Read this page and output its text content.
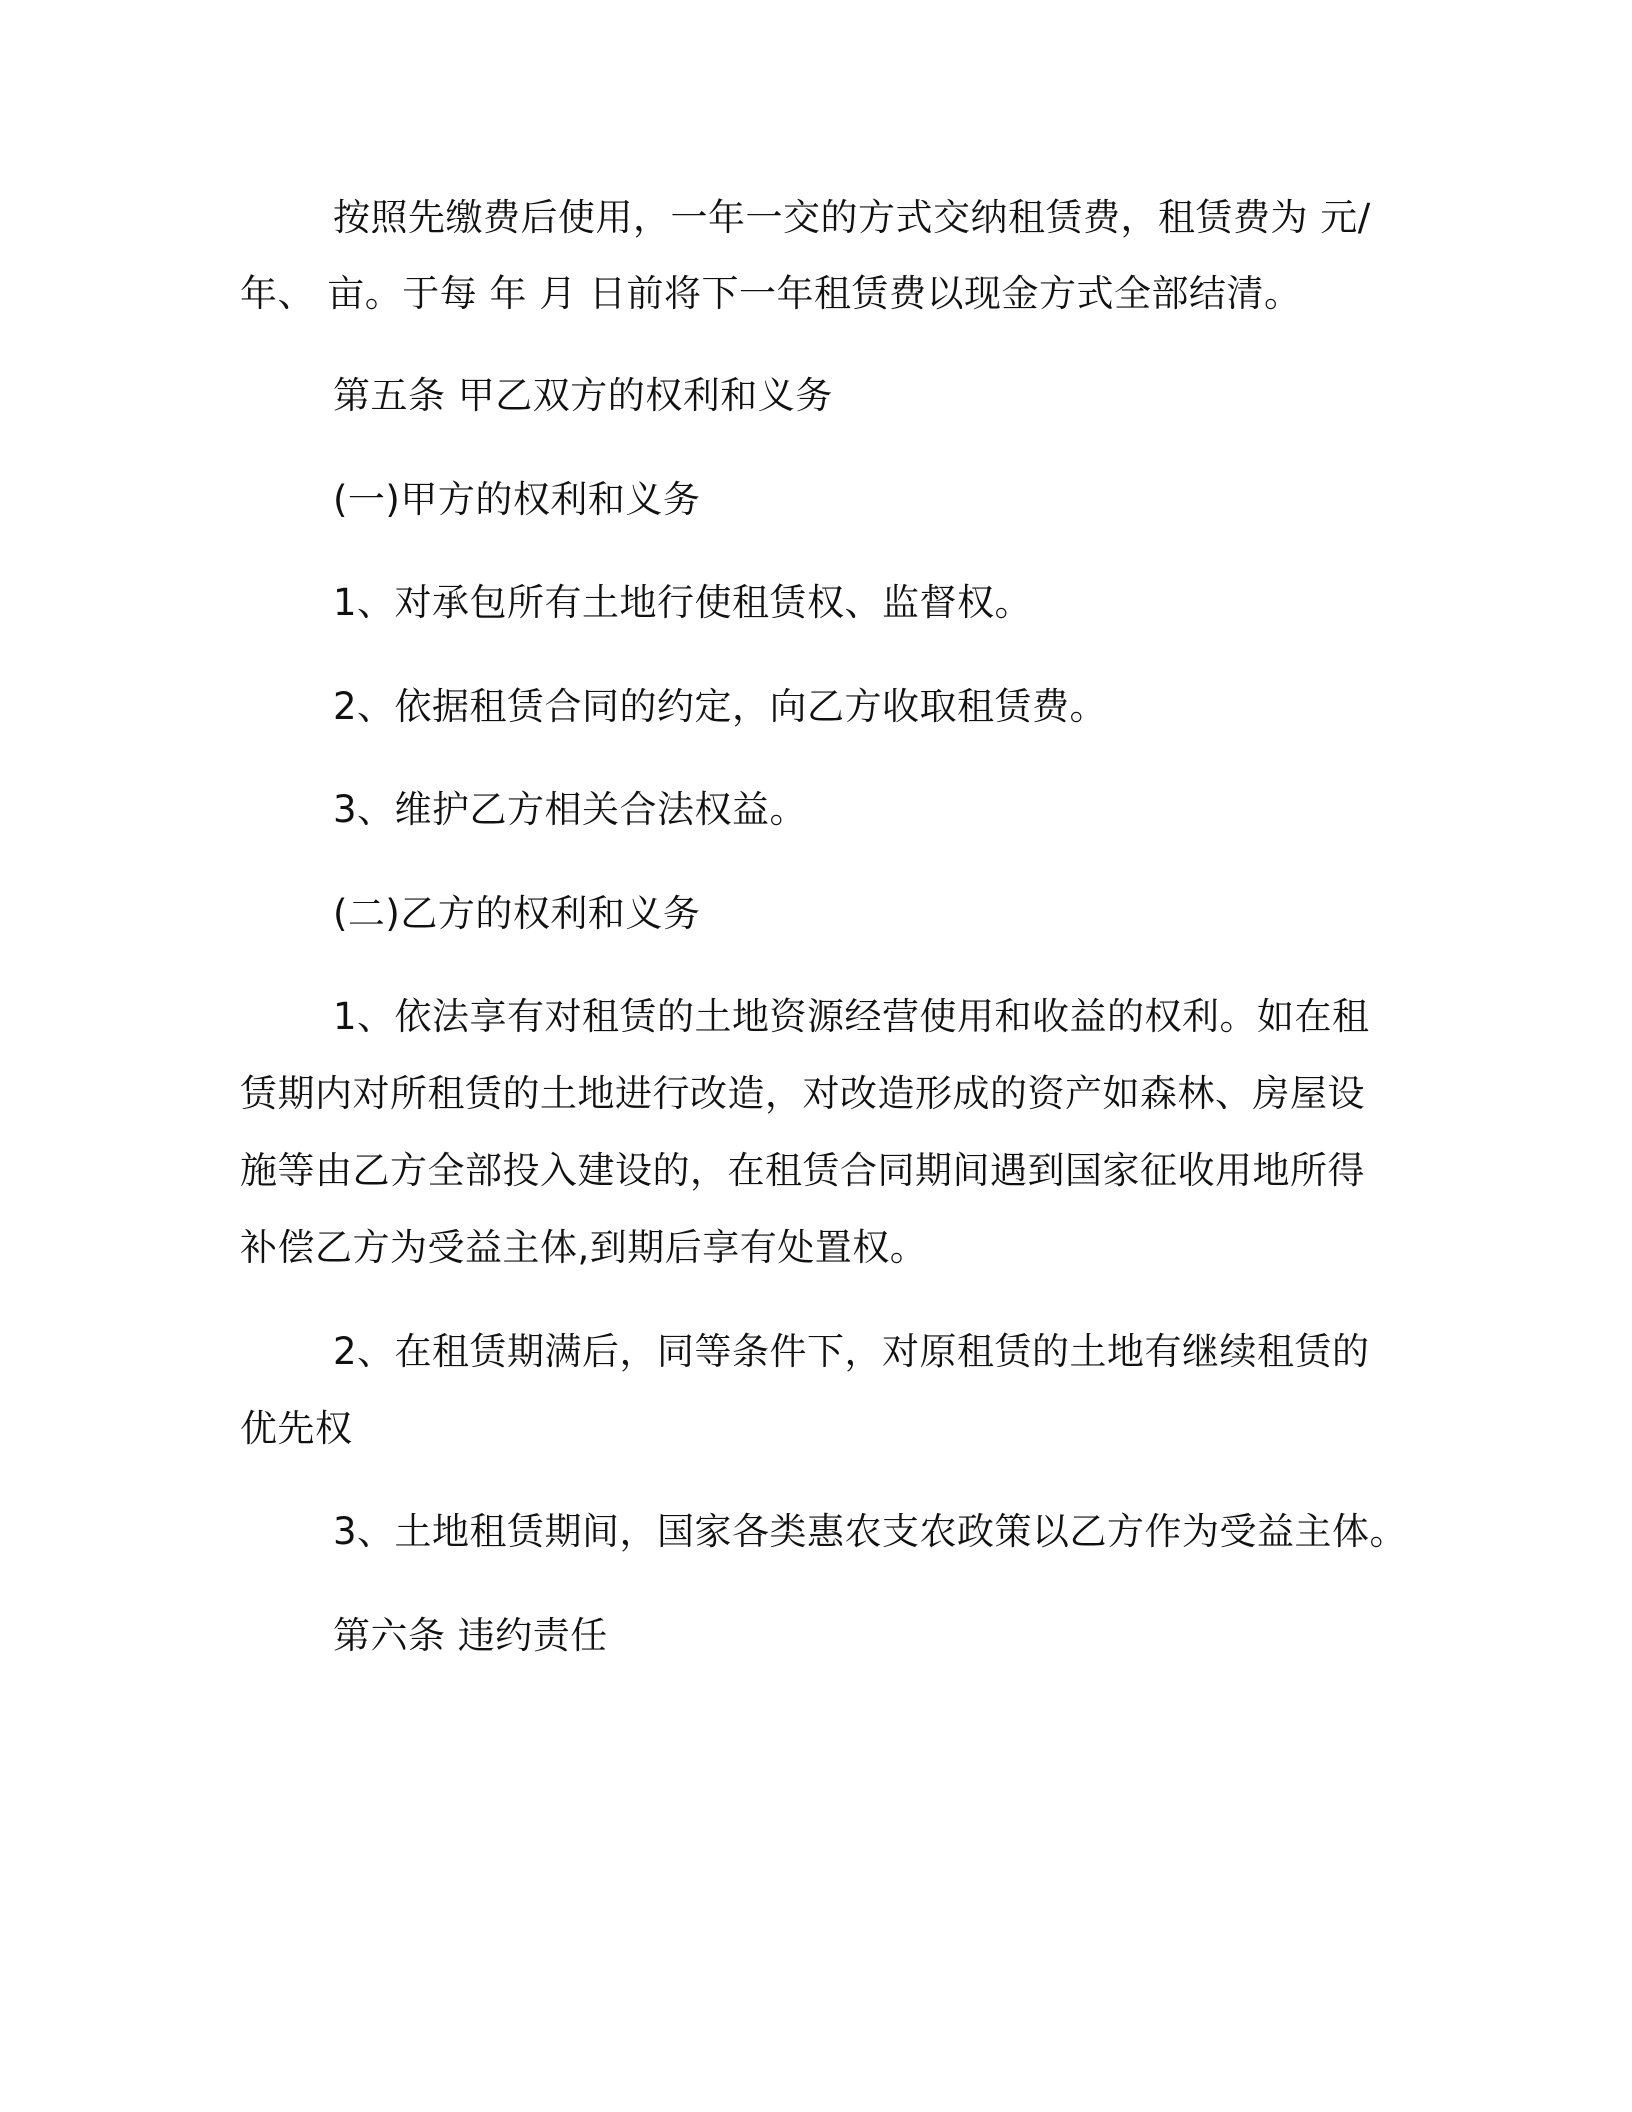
按照先缴费后使用，一年一交的方式交纳租赁费，租赁费为 元/
年、 亩。于每 年 月 日前将下一年租赁费以现金方式全部结清。
第五条 甲乙双方的权利和义务
(一)甲方的权利和义务
1、对承包所有土地行使租赁权、监督权。
2、依据租赁合同的约定，向乙方收取租赁费。
3、维护乙方相关合法权益。
(二)乙方的权利和义务
1、依法享有对租赁的土地资源经营使用和收益的权利。如在租
赁期内对所租赁的土地进行改造，对改造形成的资产如森林、房屋设
施等由乙方全部投入建设的，在租赁合同期间遇到国家征收用地所得
补偿乙方为受益主体,到期后享有处置权。
2、在租赁期满后，同等条件下，对原租赁的土地有继续租赁的
优先权
3、土地租赁期间，国家各类惠农支农政策以乙方作为受益主体。
第六条 违约责任
